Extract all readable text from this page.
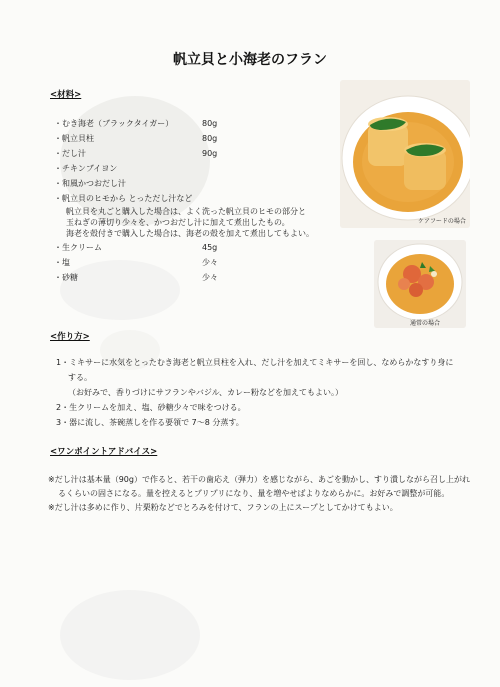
帆立貝と小海老のフラン
<材料>
・むき海老（ブラックタイガー）	80g
・帆立貝柱	80g
・だし汁	90g
・チキンブイヨン
・和風かつおだし汁
・帆立貝のヒモから とっただし汁など
帆立貝を丸ごと購入した場合は、よく洗った帆立貝のヒモの部分と
玉ねぎの薄切り少々を、かつおだし汁に加えて煮出したもの。
海老を殻付きで購入した場合は、海老の殻を加えて煮出してもよい。
・生クリーム	45g
・塩	少々
・砂糖	少々
ケアフードの場合
通常の場合
<作り方>
1・ミキサーに水気をとったむき海老と帆立貝柱を入れ、だし汁を加えてミキサーを回し、なめらかなすり身に
する。
（お好みで、香りづけにサフランやバジル、カレー粉などを加えてもよい。）
2・生クリームを加え、塩、砂糖少々で味をつける。
3・器に流し、茶碗蒸しを作る要領で 7～8 分蒸す。
<ワンポイントアドバイス>
※だし汁は基本量（90g）で作ると、若干の歯応え（弾力）を感じながら、あごを動かし、すり潰しながら召し上がれ
るくらいの固さになる。量を控えるとプリプリになり、量を増やせばよりなめらかに。お好みで調整が可能。
※だし汁は多めに作り、片栗粉などでとろみを付けて、フランの上にスープとしてかけてもよい。
